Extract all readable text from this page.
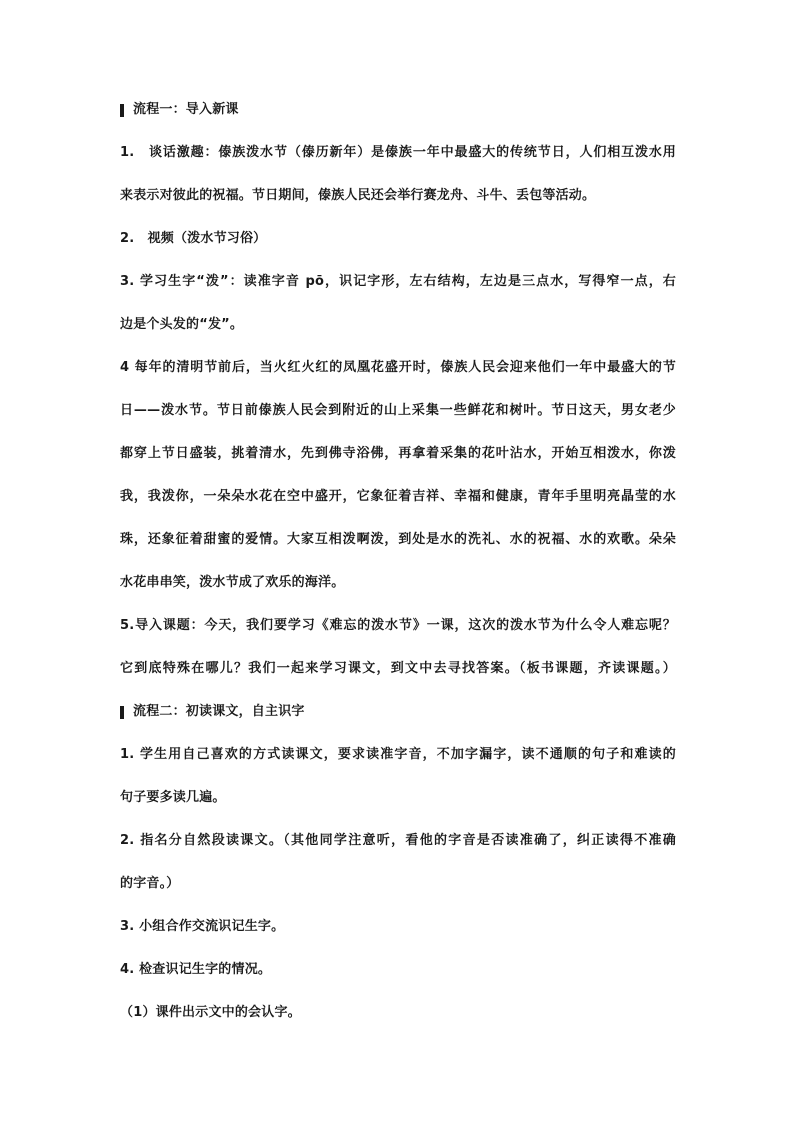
流程一：导入新课
1.　谈话激趣：傣族泼水节（傣历新年）是傣族一年中最盛大的传统节日，人们相互泼水用
来表示对彼此的祝福。节日期间，傣族人民还会举行赛龙舟、斗牛、丢包等活动。
2.　视频（泼水节习俗）
3. 学习生字“泼”：读准字音 pō，识记字形，左右结构，左边是三点水，写得窄一点，右
边是个头发的“发”。
4 每年的清明节前后，当火红火红的凤凰花盛开时，傣族人民会迎来他们一年中最盛大的节
日——泼水节。节日前傣族人民会到附近的山上采集一些鲜花和树叶。节日这天，男女老少
都穿上节日盛装，挑着清水，先到佛寺浴佛，再拿着采集的花叶沾水，开始互相泼水，你泼
我，我泼你，一朵朵水花在空中盛开，它象征着吉祥、幸福和健康，青年手里明亮晶莹的水
珠，还象征着甜蜜的爱情。大家互相泼啊泼，到处是水的洗礼、水的祝福、水的欢歌。朵朵
水花串串笑，泼水节成了欢乐的海洋。
5.导入课题：今天，我们要学习《难忘的泼水节》一课，这次的泼水节为什么令人难忘呢？
它到底特殊在哪儿？我们一起来学习课文，到文中去寻找答案。（板书课题，齐读课题。）
流程二：初读课文，自主识字
1. 学生用自己喜欢的方式读课文，要求读准字音，不加字漏字，读不通顺的句子和难读的
句子要多读几遍。
2. 指名分自然段读课文。（其他同学注意听，看他的字音是否读准确了，纠正读得不准确
的字音。）
3. 小组合作交流识记生字。
4. 检查识记生字的情况。
（1）课件出示文中的会认字。
